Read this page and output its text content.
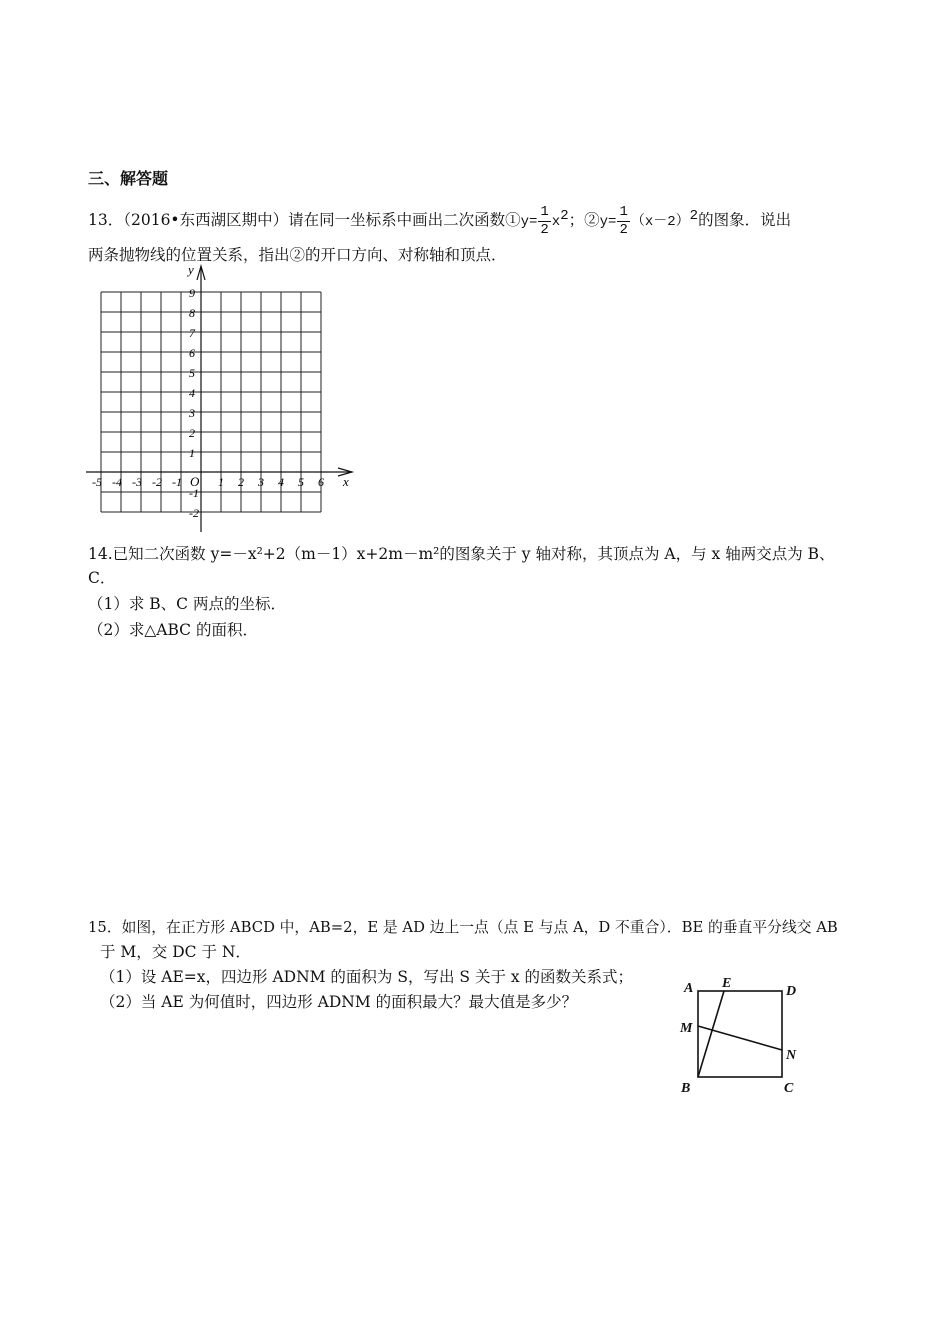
三、解答题
13．（2016•东西湖区期中）请在同一坐标系中画出二次函数①y= $\frac{1}{2} x^2$；②y= $\frac{1}{2} (x-2)^2$的图象．说出
两条抛物线的位置关系，指出②的开口方向、对称轴和顶点．
y
x
9
8
7
6
5
4
3
2
1
-1
-2
-5 -4 -3 -2 -1	1 2 3 4 5 6
O
14.已知二次函数 y=－x²+2（m－1）x+2m－m²的图象关于 y 轴对称，其顶点为 A，与 x 轴两交点为 B、
C．
（1）求 B、C 两点的坐标．
（2）求△ABC 的面积．
15．如图，在正方形 ABCD 中，AB=2，E 是 AD 边上一点（点 E 与点 A，D 不重合）．BE 的垂直平分线交 AB
于 M，交 DC 于 N．
（1）设 AE=x，四边形 ADNM 的面积为 S，写出 S 关于 x 的函数关系式；
（2）当 AE 为何值时，四边形 ADNM 的面积最大？最大值是多少？
A E
D
M
N
B	C
